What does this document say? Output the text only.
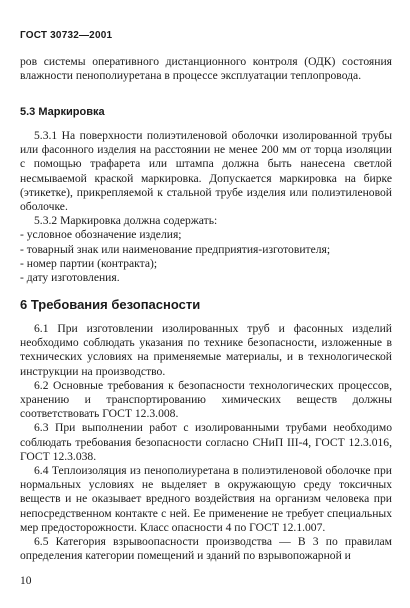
ГОСТ 30732—2001

ров системы оперативного дистанционного контроля (ОДК) состояния влажности пенополиуретана в процессе эксплуатации теплопровода.

5.3 Маркировка

5.3.1 На поверхности полиэтиленовой оболочки изолированной трубы или фасонного изделия на расстоянии не менее 200 мм от торца изоляции с помощью трафарета или штампа должна быть нанесена светлой несмываемой краской маркировка. Допускается маркировка на бирке (этикетке), прикрепляемой к стальной трубе изделия или полиэтиленовой оболочке.

5.3.2 Маркировка должна содержать:

- условное обозначение изделия;
- товарный знак или наименование предприятия-изготовителя;
- номер партии (контракта);
- дату изготовления.
6 Требования безопасности

6.1 При изготовлении изолированных труб и фасонных изделий необходимо соблюдать указания по технике безопасности, изложенные в технических условиях на применяемые материалы, и в технологической инструкции на производство.

6.2 Основные требования к безопасности технологических процессов, хранению и транспортированию химических веществ должны соответствовать ГОСТ 12.3.008.

6.3 При выполнении работ с изолированными трубами необходимо соблюдать требования безопасности согласно СНиП III-4, ГОСТ 12.3.016, ГОСТ 12.3.038.

6.4 Теплоизоляция из пенополиуретана в полиэтиленовой оболочке при нормальных условиях не выделяет в окружающую среду токсичных веществ и не оказывает вредного воздействия на организм человека при непосредственном контакте с ней. Ее применение не требует специальных мер предосторожности. Класс опасности 4 по ГОСТ 12.1.007.

6.5 Категория взрывоопасности производства — В 3 по правилам определения категории помещений и зданий по взрывопожарной и

10
